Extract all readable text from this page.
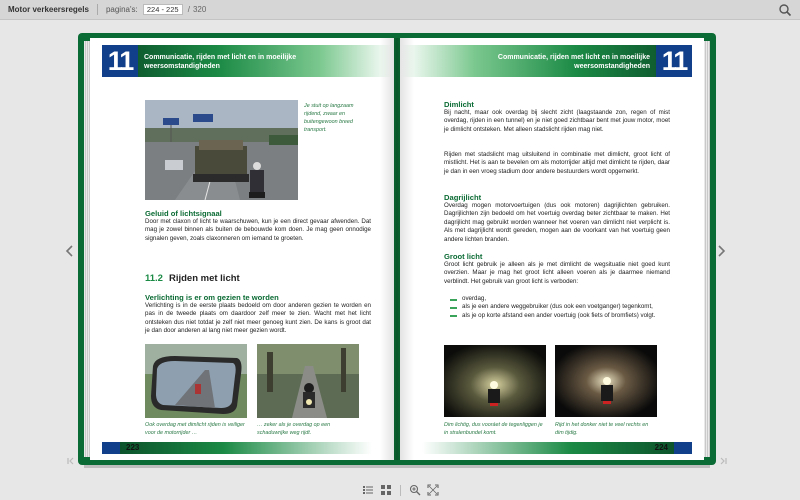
Motor verkeersregels pagina's:	224 - 225	/ 320
11	Communicatie, rijden met licht en in moeilijke weersomstandigheden
Je stuit op langzaam rijdend, zwaar en buitengewoon breed transport.
Geluid of lichtsignaal
Door met claxon of licht te waarschuwen, kun je een direct gevaar afwenden. Dat mag je zowel binnen als buiten de bebouwde kom doen. Je mag geen onnodige signalen geven, zoals claxonneren om iemand te groeten.
11.2 Rijden met licht
Verlichting is er om gezien te worden
Verlichting is in de eerste plaats bedoeld om door anderen gezien te worden en pas in de tweede plaats om daardoor zelf meer te zien. Wacht met het licht ontsteken dus niet totdat je zelf niet meer genoeg kunt zien. De kans is groot dat je dan door anderen al lang niet meer gezien wordt.
Ook overdag met dimlicht rijden is veiliger voor de motorrijder …
… zeker als je overdag op een schaduwrijke weg rijdt.
223
Communicatie, rijden met licht en in moeilijke weersomstandigheden 11
Dimlicht
Bij nacht, maar ook overdag bij slecht zicht (laagstaande zon, regen of mist overdag, rijden in een tunnel) en je niet goed zichtbaar bent met jouw motor, moet je dimlicht ontsteken. Met alleen stadslicht rijden mag niet.
Rijden met stadslicht mag uitsluitend in combinatie met dimlicht, groot licht of mistlicht. Het is aan te bevelen om als motorrijder altijd met dimlicht te rijden, daar je dan in een vroeg stadium door andere bestuurders wordt opgemerkt.
Dagrijlicht
Overdag mogen motorvoertuigen (dus ook motoren) dagrijlichten gebruiken. Dagrijlichten zijn bedoeld om het voertuig overdag beter zichtbaar te maken. Het dagrijlicht mag gebruikt worden wanneer het voeren van dimlicht niet verplicht is. Als met dagrijlicht wordt gereden, mogen aan de voorkant van het voertuig geen andere lichten branden.
Groot licht
Groot licht gebruik je alleen als je met dimlicht de wegsituatie niet goed kunt overzien. Maar je mag het groot licht alleen voeren als je daarmee niemand verblindt. Het gebruik van groot licht is verboden:
overdag,
als je een andere weggebruiker (dus ook een voetganger) tegenkomt,
als je op korte afstand een ander voertuig (ook fiets of bromfiets) volgt.
Dim lichtig, dus vooráet de tegenliggen je in stralenbundel komt.
Rijd in het donker niet te veel rechts en dim tijdig.
224
